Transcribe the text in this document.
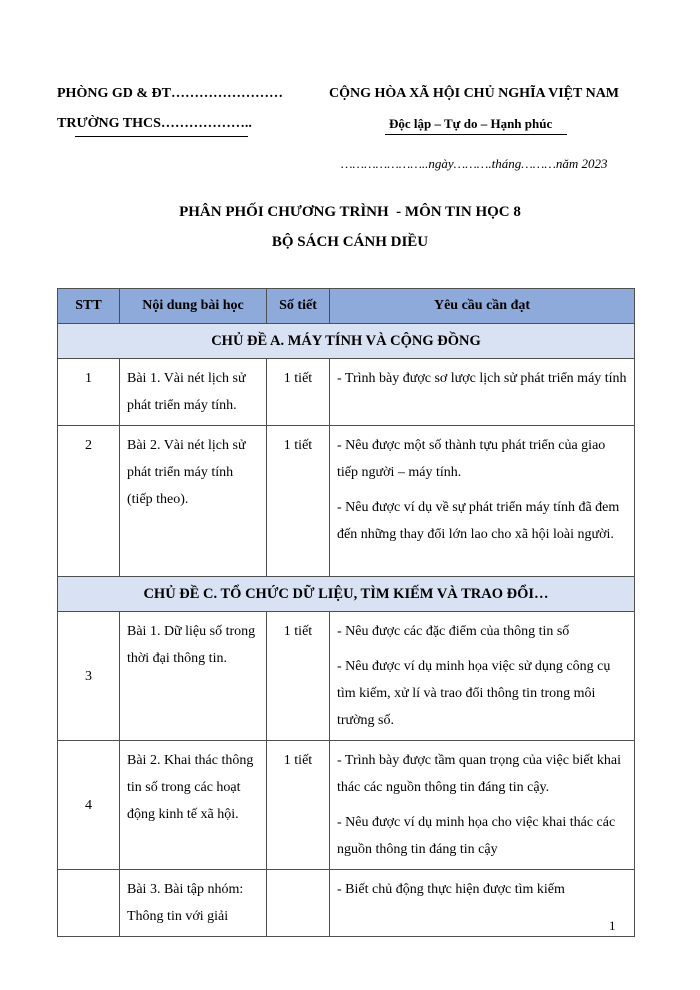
PHÒNG GD & ĐT……………………
TRƯỜNG THCS………………..
CỘNG HÒA XÃ HỘI CHỦ NGHĨA VIỆT NAM
Độc lập – Tự do – Hạnh phúc
…………………..ngày……….tháng………năm 2023
PHÂN PHỐI CHƯƠNG TRÌNH  - MÔN TIN HỌC 8
BỘ SÁCH CÁNH DIỀU
STT	Nội dung bài học	Số tiết	Yêu cầu cần đạt
CHỦ ĐỀ A. MÁY TÍNH VÀ CỘNG ĐỒNG			
1	Bài 1. Vài nét lịch sử phát triển máy tính.	1 tiết	- Trình bày được sơ lược lịch sử phát triển máy tính

2	Bài 2. Vài nét lịch sử phát triển máy tính (tiếp theo).	1 tiết	- Nêu được một số thành tựu phát triển của giao tiếp người – máy tính.

- Nêu được ví dụ về sự phát triển máy tính đã đem đến những thay đổi lớn lao cho xã hội loài người.

CHỦ ĐỀ C. TỔ CHỨC DỮ LIỆU, TÌM KIẾM VÀ TRAO ĐỔI…			
3	Bài 1. Dữ liệu số trong thời đại thông tin.	1 tiết	- Nêu được các đặc điểm của thông tin số

- Nêu được ví dụ minh họa việc sử dụng công cụ tìm kiếm, xử lí và trao đổi thông tin trong môi trường số.

4	Bài 2. Khai thác thông tin số trong các hoạt động kinh tế xã hội.	1 tiết	- Trình bày được tầm quan trọng của việc biết khai thác các nguồn thông tin đáng tin cậy.

- Nêu được ví dụ minh họa cho việc khai thác các nguồn thông tin đáng tin cậy

	Bài 3. Bài tập nhóm: Thông tin với giải		- Biết chủ động thực hiện được tìm kiếm

1
